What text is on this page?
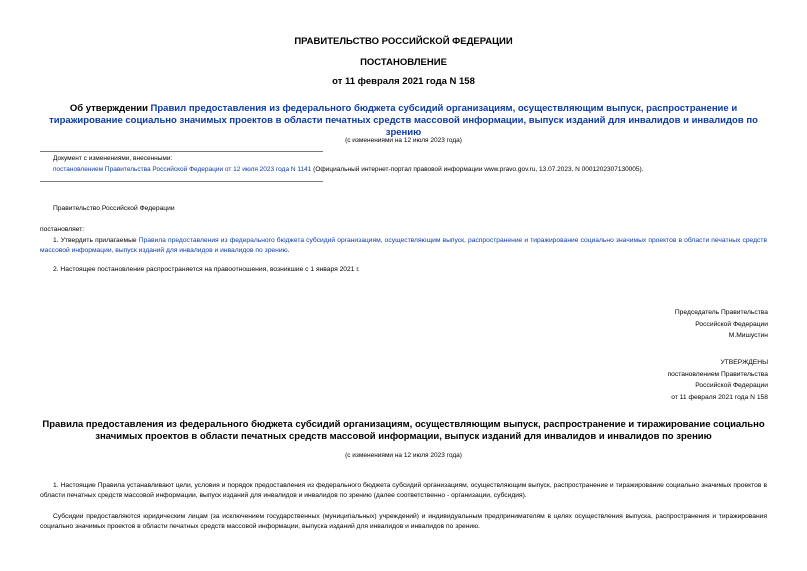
ПРАВИТЕЛЬСТВО РОССИЙСКОЙ ФЕДЕРАЦИИ
ПОСТАНОВЛЕНИЕ
от 11 февраля 2021 года N 158
Об утверждении Правил предоставления из федерального бюджета субсидий организациям, осуществляющим выпуск, распространение и тиражирование социально значимых проектов в области печатных средств массовой информации, выпуск изданий для инвалидов и инвалидов по зрению
(с изменениями на 12 июля 2023 года)
Документ с изменениями, внесенными:
постановлением Правительства Российской Федерации от 12 июля 2023 года N 1141 (Официальный интернет-портал правовой информации www.pravo.gov.ru, 13.07.2023, N 0001202307130005).
Правительство Российской Федерации
постановляет:
1. Утвердить прилагаемые Правила предоставления из федерального бюджета субсидий организациям, осуществляющим выпуск, распространение и тиражирование социально значимых проектов в области печатных средств массовой информации, выпуск изданий для инвалидов и инвалидов по зрению.
2. Настоящее постановление распространяется на правоотношения, возникшие с 1 января 2021 г.
Председатель Правительства
Российской Федерации
М.Мишустин
УТВЕРЖДЕНЫ
постановлением Правительства
Российской Федерации
от 11 февраля 2021 года N 158
Правила предоставления из федерального бюджета субсидий организациям, осуществляющим выпуск, распространение и тиражирование социально значимых проектов в области печатных средств массовой информации, выпуск изданий для инвалидов и инвалидов по зрению
(с изменениями на 12 июля 2023 года)
1. Настоящие Правила устанавливают цели, условия и порядок предоставления из федерального бюджета субсидий организациям, осуществляющим выпуск, распространение и тиражирование социально значимых проектов в области печатных средств массовой информации, выпуск изданий для инвалидов и инвалидов по зрению (далее соответственно - организации, субсидия).
Субсидии предоставляются юридическим лицам (за исключением государственных (муниципальных) учреждений) и индивидуальным предпринимателям в целях осуществления выпуска, распространения и тиражирования социально значимых проектов в области печатных средств массовой информации, выпуска изданий для инвалидов и инвалидов по зрению.
